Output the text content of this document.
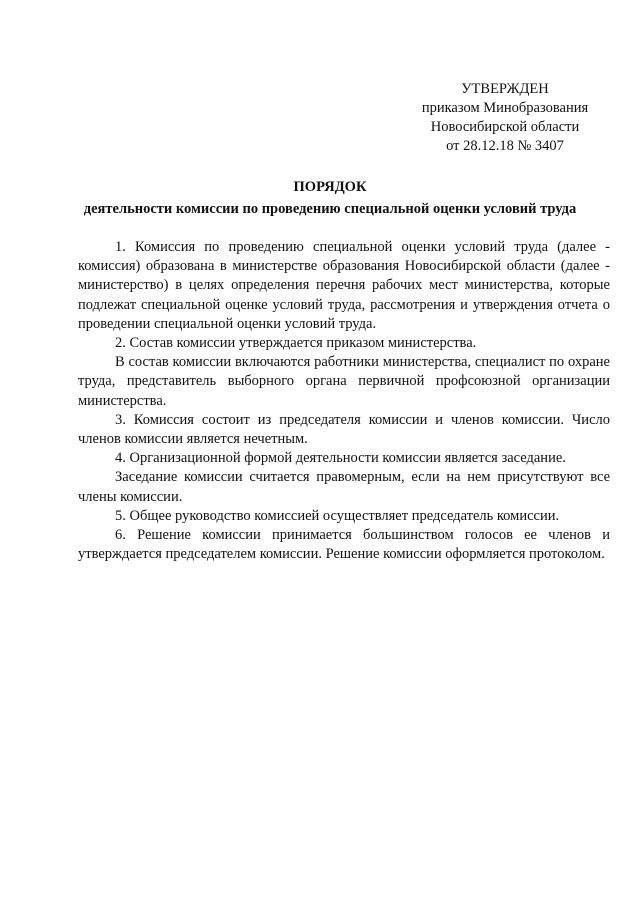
УТВЕРЖДЕН
приказом Минобразования
Новосибирской области
от 28.12.18 № 3407
ПОРЯДОК
деятельности комиссии по проведению специальной оценки условий труда

1. Комиссия по проведению специальной оценки условий труда (далее - комиссия) образована в министерстве образования Новосибирской области (далее - министерство) в целях определения перечня рабочих мест министерства, которые подлежат специальной оценке условий труда, рассмотрения и утверждения отчета о проведении специальной оценки условий труда.

2. Состав комиссии утверждается приказом министерства.

В состав комиссии включаются работники министерства, специалист по охране труда, представитель выборного органа первичной профсоюзной организации министерства.

3. Комиссия состоит из председателя комиссии и членов комиссии. Число членов комиссии является нечетным.

4. Организационной формой деятельности комиссии является заседание.

Заседание комиссии считается правомерным, если на нем присутствуют все члены комиссии.

5. Общее руководство комиссией осуществляет председатель комиссии.

6. Решение комиссии принимается большинством голосов ее членов и утверждается председателем комиссии. Решение комиссии оформляется протоколом.
